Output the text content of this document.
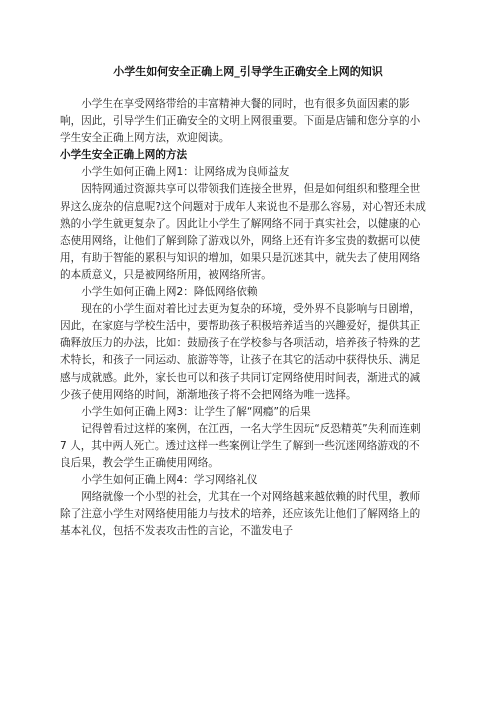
小学生如何安全正确上网_引导学生正确安全上网的知识

小学生在享受网络带给的丰富精神大餐的同时，也有很多负面因素的影响，因此，引导学生们正确安全的文明上网很重要。下面是店铺和您分享的小学生安全正确上网方法，欢迎阅读。

小学生安全正确上网的方法

小学生如何正确上网1：让网络成为良师益友

因特网通过资源共享可以带领我们连接全世界，但是如何组织和整理全世界这么庞杂的信息呢?这个问题对于成年人来说也不是那么容易，对心智还未成熟的小学生就更复杂了。因此让小学生了解网络不同于真实社会，以健康的心态使用网络，让他们了解到除了游戏以外，网络上还有许多宝贵的数据可以使用，有助于智能的累积与知识的增加，如果只是沉迷其中，就失去了使用网络的本质意义，只是被网络所用，被网络所害。

小学生如何正确上网2：降低网络依赖

现在的小学生面对着比过去更为复杂的环境，受外界不良影响与日剧增，因此，在家庭与学校生活中，要帮助孩子积极培养适当的兴趣爱好，提供其正确释放压力的办法，比如：鼓励孩子在学校参与各项活动，培养孩子特殊的艺术特长，和孩子一同运动、旅游等等，让孩子在其它的活动中获得快乐、满足感与成就感。此外，家长也可以和孩子共同订定网络使用时间表，渐进式的减少孩子使用网络的时间，渐渐地孩子将不会把网络为唯一选择。

小学生如何正确上网3：让学生了解“网瘾”的后果

记得曾看过这样的案例，在江西，一名大学生因玩“反恐精英”失利而连刺 7 人，其中两人死亡。透过这样一些案例让学生了解到一些沉迷网络游戏的不良后果，教会学生正确使用网络。

小学生如何正确上网4：学习网络礼仪

网络就像一个小型的社会，尤其在一个对网络越来越依赖的时代里，教师除了注意小学生对网络使用能力与技术的培养，还应该先让他们了解网络上的基本礼仪，包括不发表攻击性的言论，不滥发电子
